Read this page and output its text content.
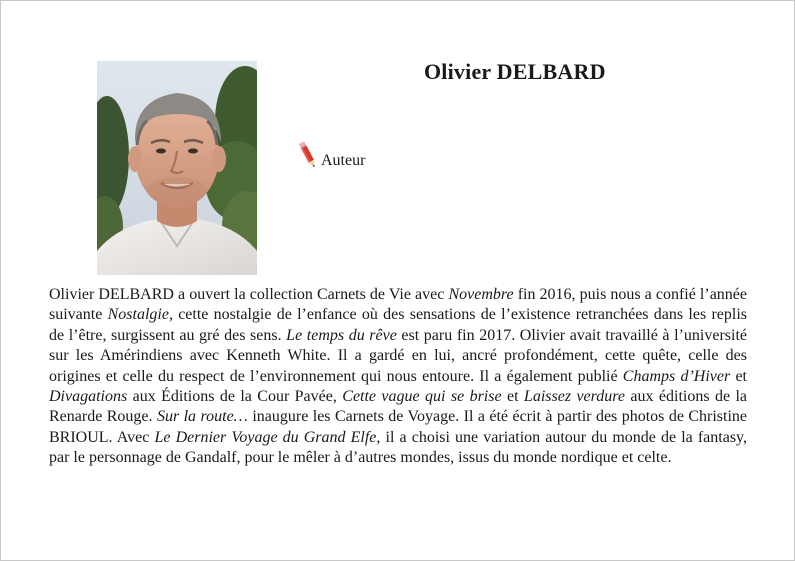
Olivier DELBARD
Auteur

Olivier DELBARD a ouvert la collection Carnets de Vie avec Novembre fin 2016, puis nous a confié l’année suivante Nostalgie, cette nostalgie de l’enfance où des sensations de l’existence retranchées dans les replis de l’être, surgissent au gré des sens. Le temps du rêve est paru fin 2017. Olivier avait travaillé à l’université sur les Amérindiens avec Kenneth White. Il a gardé en lui, ancré profondément, cette quête, celle des origines et celle du respect de l’environnement qui nous entoure. Il a également publié Champs d’Hiver et Divagations aux Éditions de la Cour Pavée, Cette vague qui se brise et Laissez verdure aux éditions de la Renarde Rouge. Sur la route… inaugure les Carnets de Voyage. Il a été écrit à partir des photos de Christine BRIOUL. Avec Le Dernier Voyage du Grand Elfe, il a choisi une variation autour du monde de la fantasy, par le personnage de Gandalf, pour le mêler à d’autres mondes, issus du monde nordique et celte.
